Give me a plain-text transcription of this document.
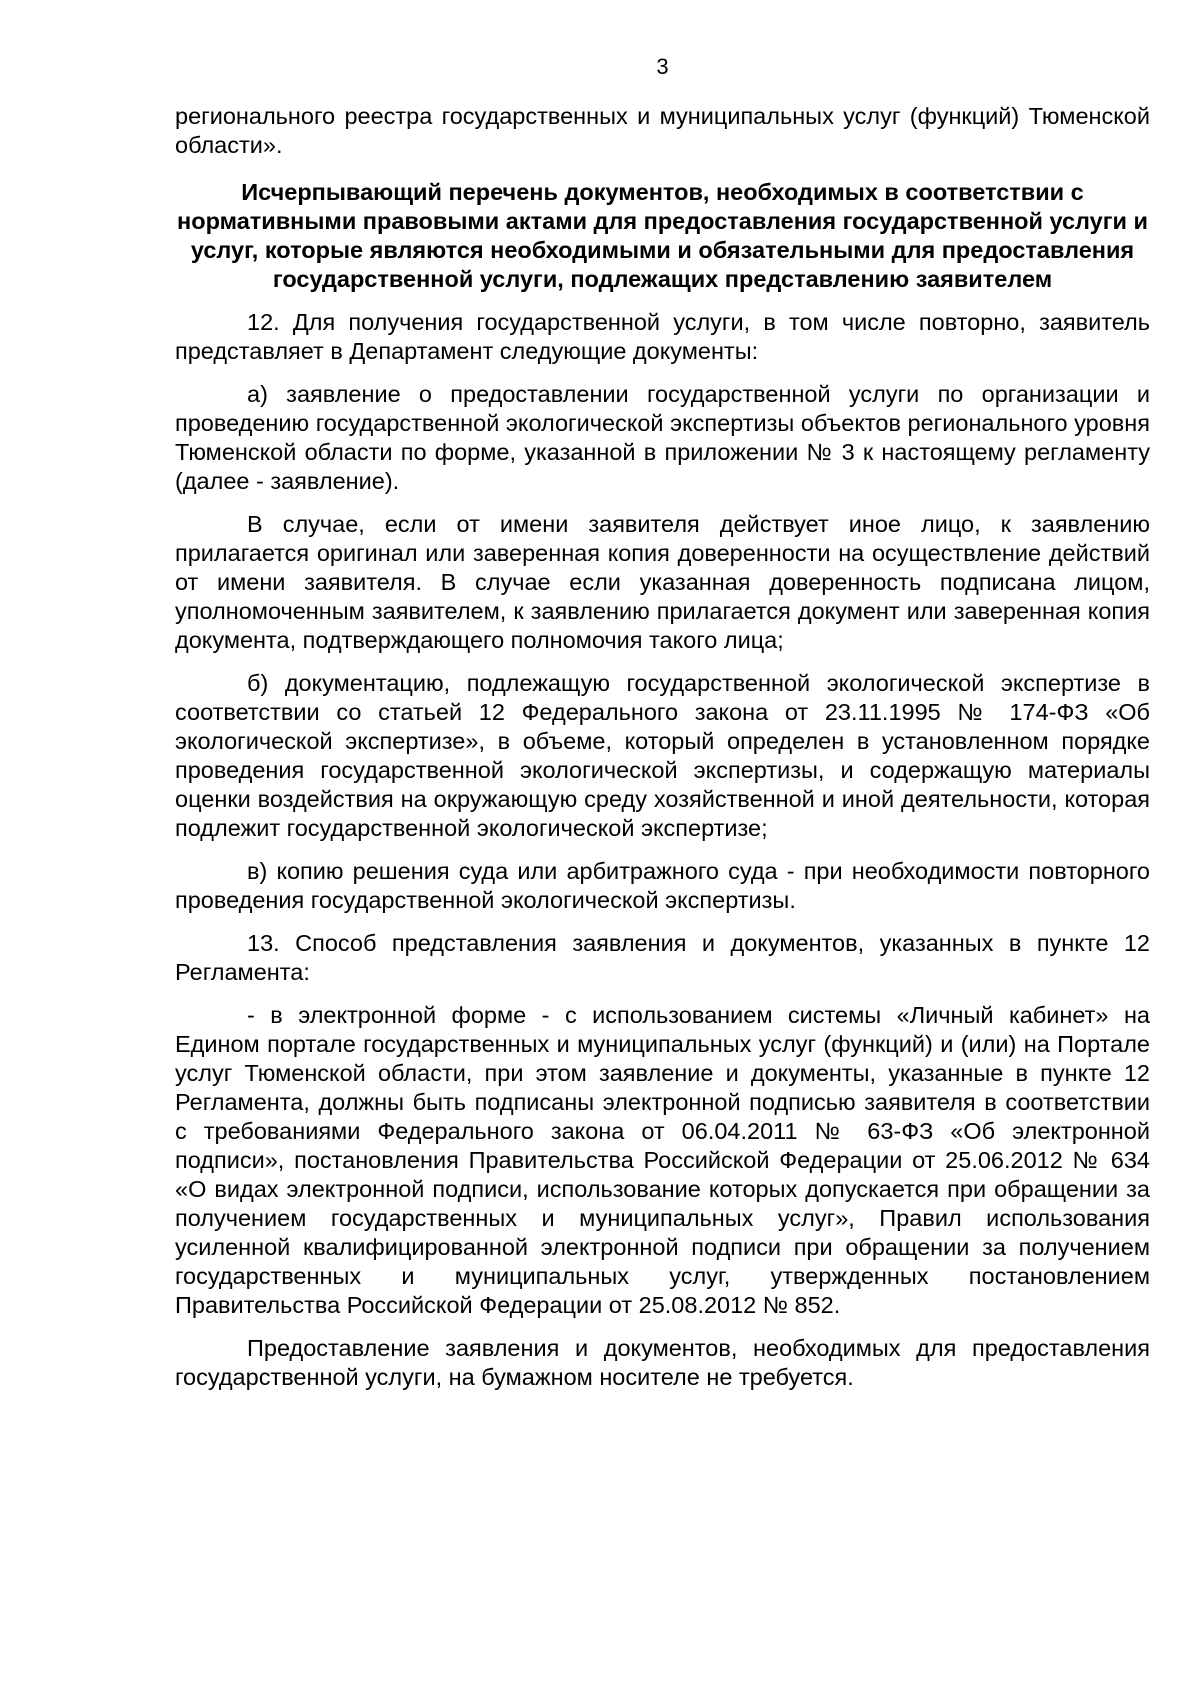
3

регионального реестра государственных и муниципальных услуг (функций) Тюменской области».

Исчерпывающий перечень документов, необходимых в соответствии с нормативными правовыми актами для предоставления государственной услуги и услуг, которые являются необходимыми и обязательными для предоставления государственной услуги, подлежащих представлению заявителем

12. Для получения государственной услуги, в том числе повторно, заявитель представляет в Департамент следующие документы:

а) заявление о предоставлении государственной услуги по организации и проведению государственной экологической экспертизы объектов регионального уровня Тюменской области по форме, указанной в приложении № 3 к настоящему регламенту (далее - заявление).

В случае, если от имени заявителя действует иное лицо, к заявлению прилагается оригинал или заверенная копия доверенности на осуществление действий от имени заявителя. В случае если указанная доверенность подписана лицом, уполномоченным заявителем, к заявлению прилагается документ или заверенная копия документа, подтверждающего полномочия такого лица;

б) документацию, подлежащую государственной экологической экспертизе в соответствии со статьей 12 Федерального закона от 23.11.1995 № 174-ФЗ «Об экологической экспертизе», в объеме, который определен в установленном порядке проведения государственной экологической экспертизы, и содержащую материалы оценки воздействия на окружающую среду хозяйственной и иной деятельности, которая подлежит государственной экологической экспертизе;

в) копию решения суда или арбитражного суда - при необходимости повторного проведения государственной экологической экспертизы.

13. Способ представления заявления и документов, указанных в пункте 12 Регламента:

- в электронной форме - с использованием системы «Личный кабинет» на Едином портале государственных и муниципальных услуг (функций) и (или) на Портале услуг Тюменской области, при этом заявление и документы, указанные в пункте 12 Регламента, должны быть подписаны электронной подписью заявителя в соответствии с требованиями Федерального закона от 06.04.2011 № 63-ФЗ «Об электронной подписи», постановления Правительства Российской Федерации от 25.06.2012 № 634 «О видах электронной подписи, использование которых допускается при обращении за получением государственных и муниципальных услуг», Правил использования усиленной квалифицированной электронной подписи при обращении за получением государственных и муниципальных услуг, утвержденных постановлением Правительства Российской Федерации от 25.08.2012 № 852.

Предоставление заявления и документов, необходимых для предоставления государственной услуги, на бумажном носителе не требуется.
